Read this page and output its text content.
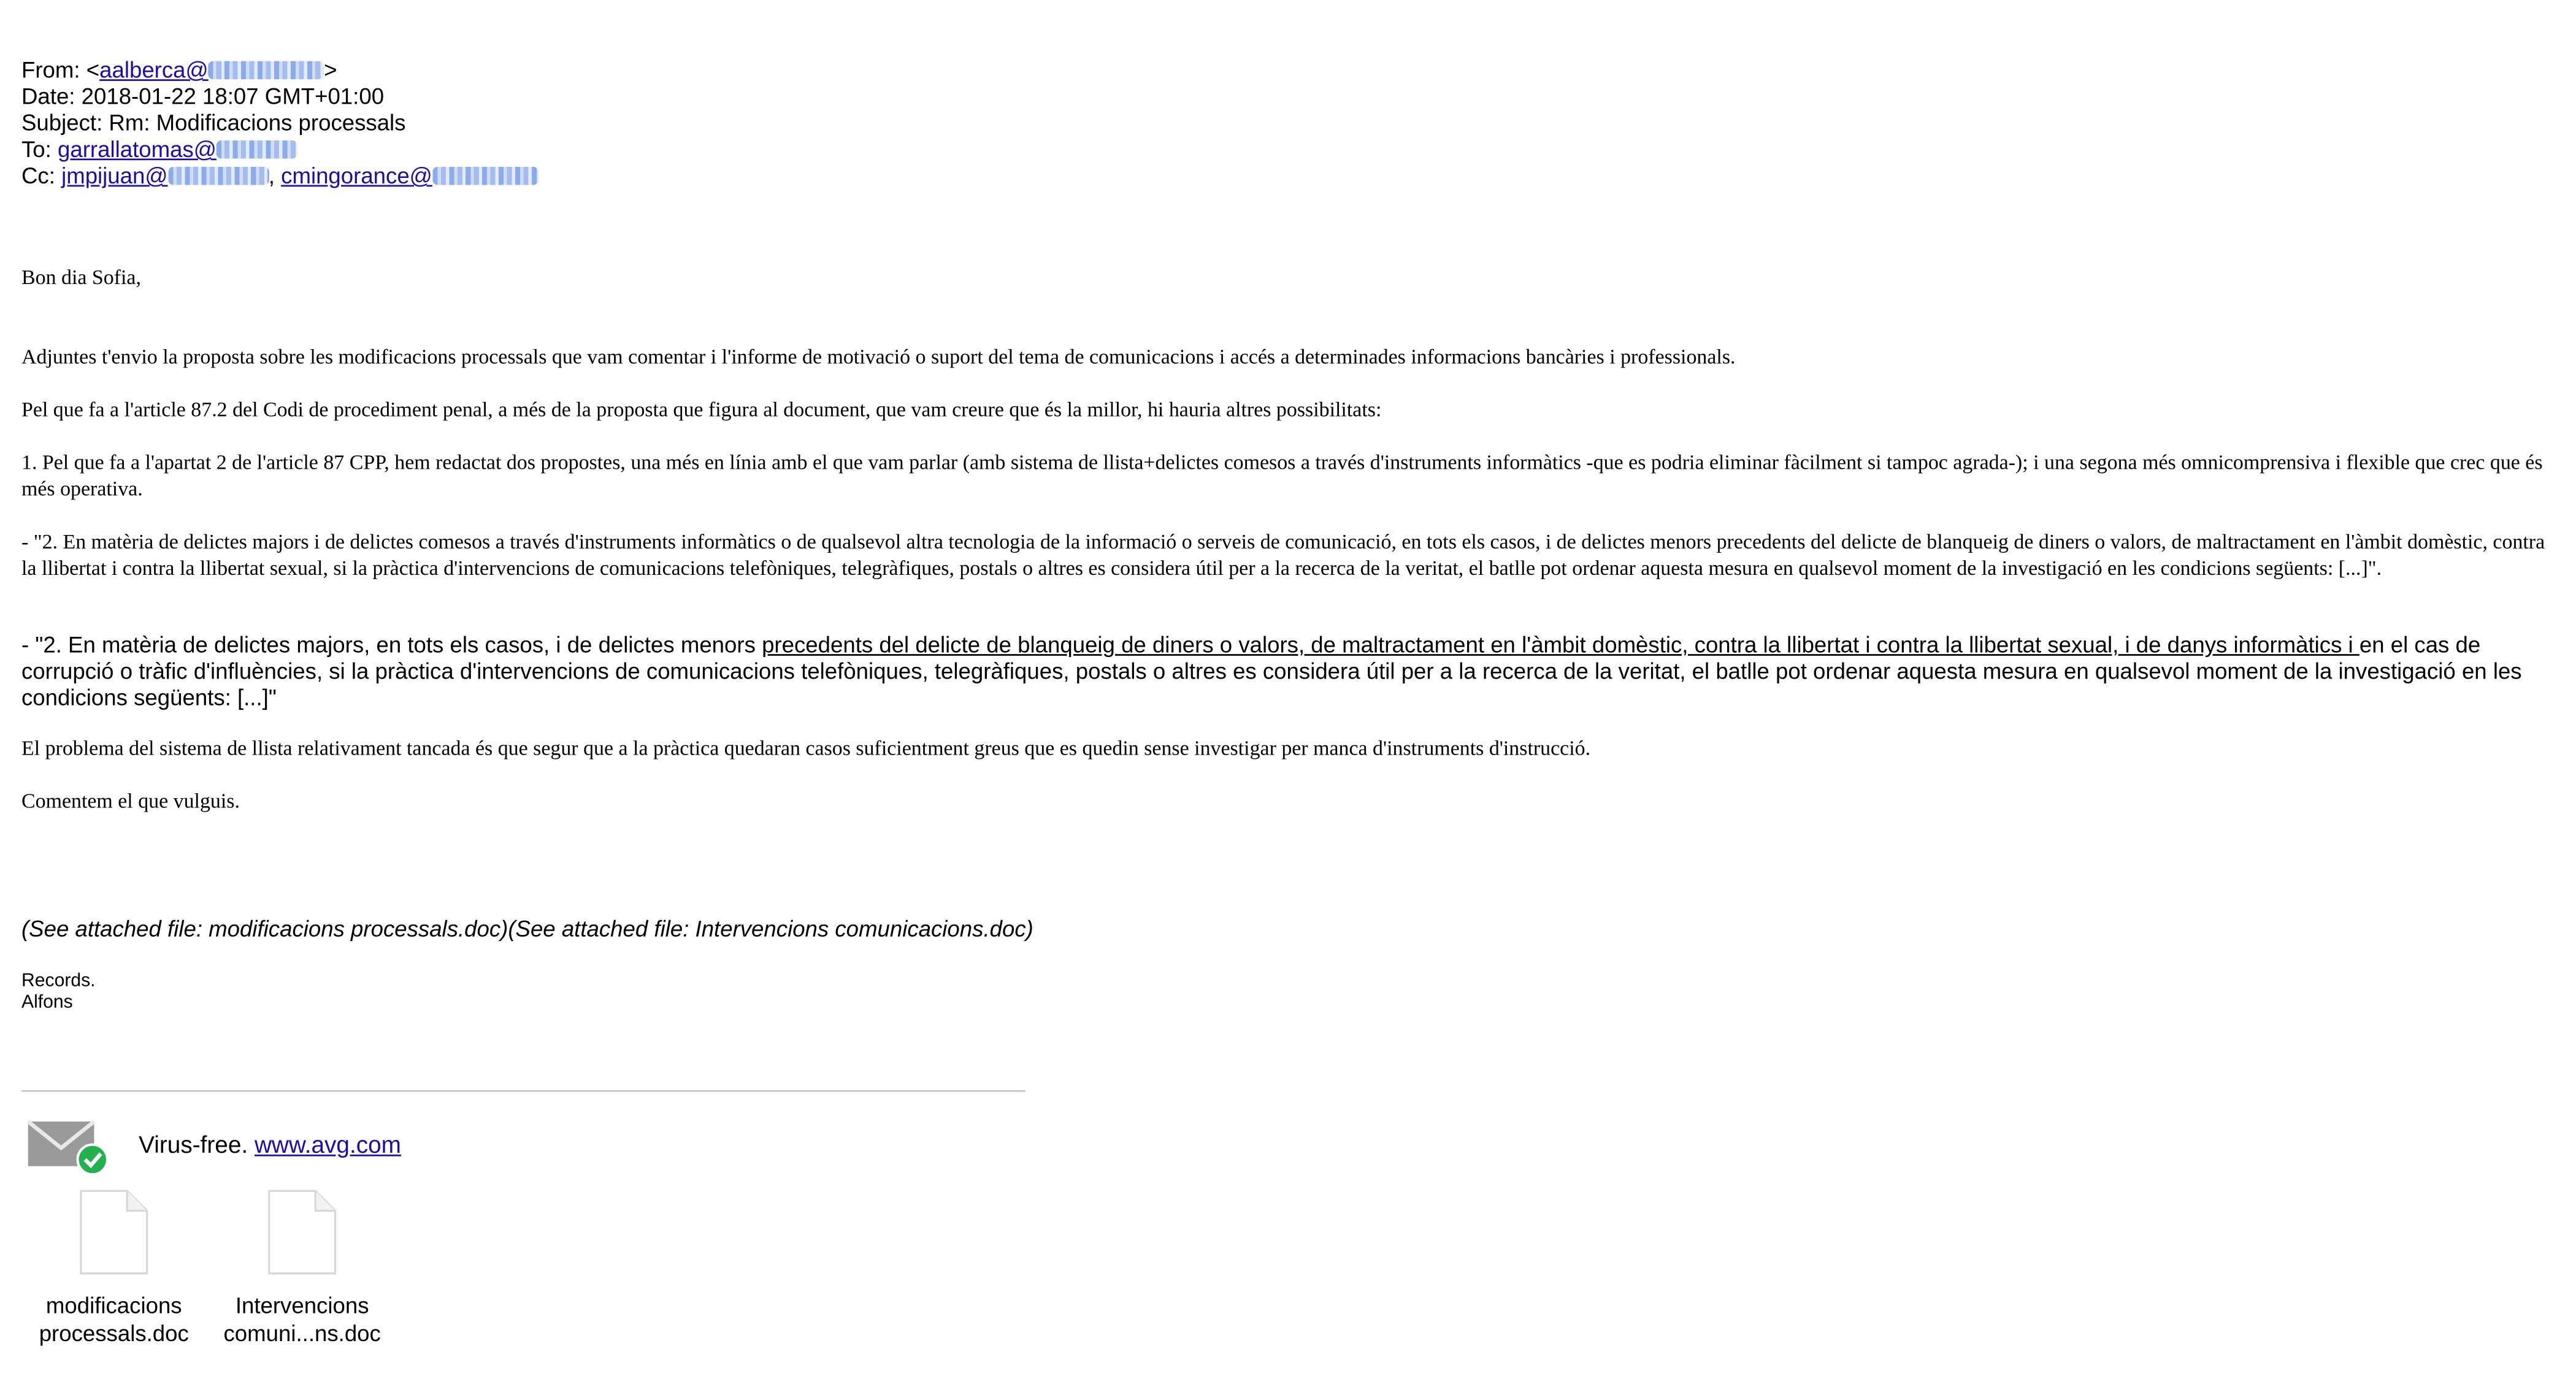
From: <aalberca@	>
Date: 2018-01-22 18:07 GMT+01:00
Subject: Rm: Modificacions processals
To: garrallatomas@
Cc: jmpijuan@	, cmingorance@

Bon dia Sofia,

Adjuntes t'envio la proposta sobre les modificacions processals que vam comentar i l'informe de motivació o suport del tema de comunicacions i accés a determinades informacions bancàries i professionals.

Pel que fa a l'article 87.2 del Codi de procediment penal, a més de la proposta que figura al document, que vam creure que és la millor, hi hauria altres possibilitats:

1. Pel que fa a l'apartat 2 de l'article 87 CPP, hem redactat dos propostes, una més en línia amb el que vam parlar (amb sistema de llista+delictes comesos a través d'instruments informàtics -que es podria eliminar fàcilment si tampoc agrada-); i una segona més omnicomprensiva i flexible que crec que és més operativa.

- "2. En matèria de delictes majors i de delictes comesos a través d'instruments informàtics o de qualsevol altra tecnologia de la informació o serveis de comunicació, en tots els casos, i de delictes menors precedents del delicte de blanqueig de diners o valors, de maltractament en l'àmbit domèstic, contra la llibertat i contra la llibertat sexual, si la pràctica d'intervencions de comunicacions telefòniques, telegràfiques, postals o altres es considera útil per a la recerca de la veritat, el batlle pot ordenar aquesta mesura en qualsevol moment de la investigació en les condicions següents: [...]".

- "2. En matèria de delictes majors, en tots els casos, i de delictes menors precedents del delicte de blanqueig de diners o valors, de maltractament en l'àmbit domèstic, contra la llibertat i contra la llibertat sexual, i de danys informàtics i en el cas de corrupció o tràfic d'influències, si la pràctica d'intervencions de comunicacions telefòniques, telegràfiques, postals o altres es considera útil per a la recerca de la veritat, el batlle pot ordenar aquesta mesura en qualsevol moment de la investigació en les condicions següents: [...]"

El problema del sistema de llista relativament tancada és que segur que a la pràctica quedaran casos suficientment greus que es quedin sense investigar per manca d'instruments d'instrucció.

Comentem el que vulguis.

(See attached file: modificacions processals.doc)(See attached file: Intervencions comunicacions.doc)
Records.
Alfons
Virus-free. www.avg.com
modificacions
processals.doc
Intervencions
comuni...ns.doc
